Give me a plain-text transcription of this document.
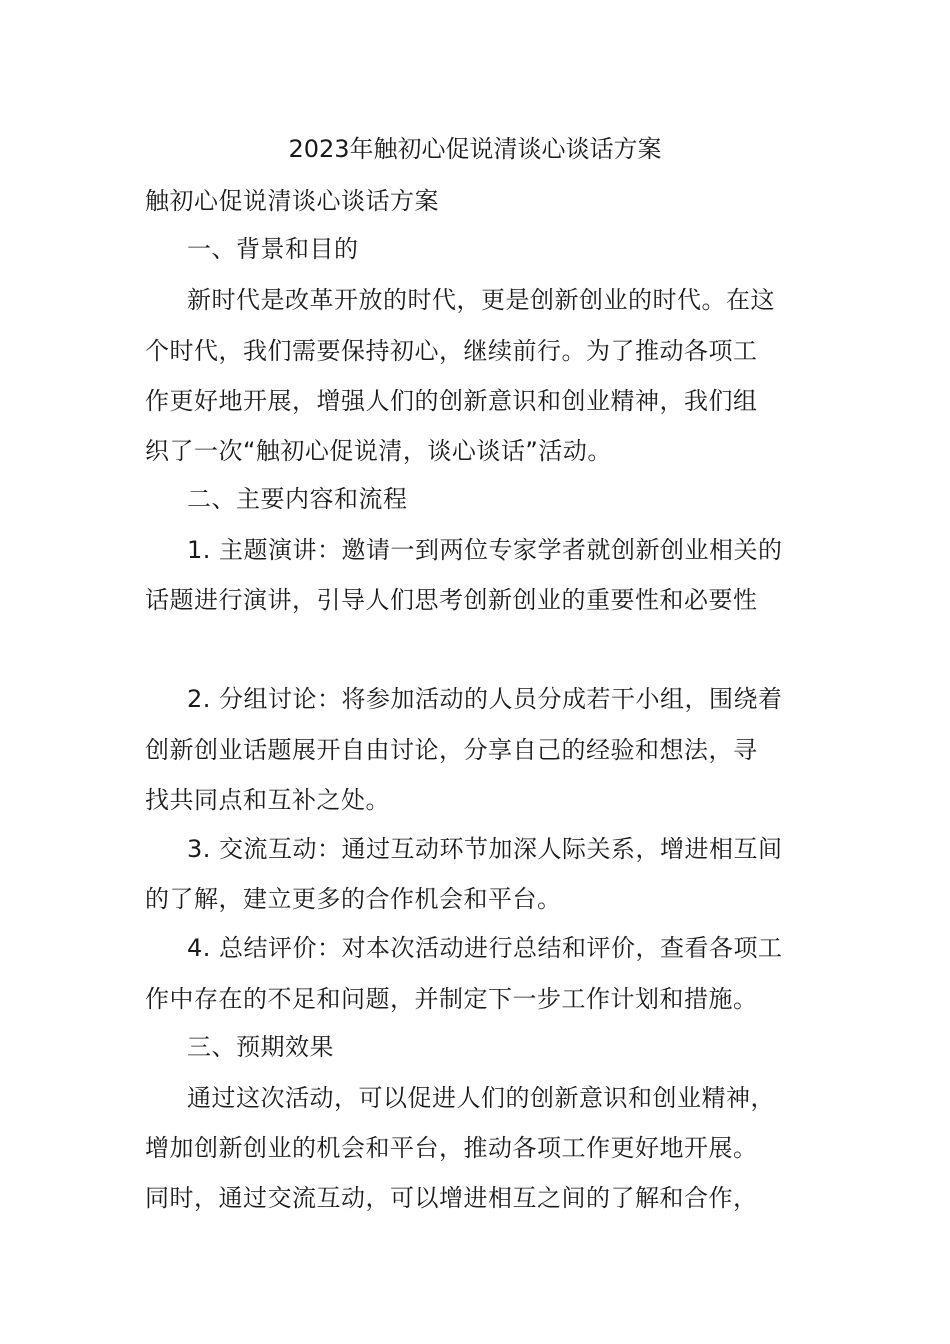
2023年触初心促说清谈心谈话方案
触初心促说清谈心谈话方案
一、背景和目的
新时代是改革开放的时代，更是创新创业的时代。在这
个时代，我们需要保持初心，继续前行。为了推动各项工
作更好地开展，增强人们的创新意识和创业精神，我们组
织了一次“触初心促说清，谈心谈话”活动。
二、主要内容和流程
1. 主题演讲：邀请一到两位专家学者就创新创业相关的
话题进行演讲，引导人们思考创新创业的重要性和必要性
2. 分组讨论：将参加活动的人员分成若干小组，围绕着
创新创业话题展开自由讨论，分享自己的经验和想法，寻
找共同点和互补之处。
3. 交流互动：通过互动环节加深人际关系，增进相互间
的了解，建立更多的合作机会和平台。
4. 总结评价：对本次活动进行总结和评价，查看各项工
作中存在的不足和问题，并制定下一步工作计划和措施。
三、预期效果
通过这次活动，可以促进人们的创新意识和创业精神，
增加创新创业的机会和平台，推动各项工作更好地开展。
同时，通过交流互动，可以增进相互之间的了解和合作，
